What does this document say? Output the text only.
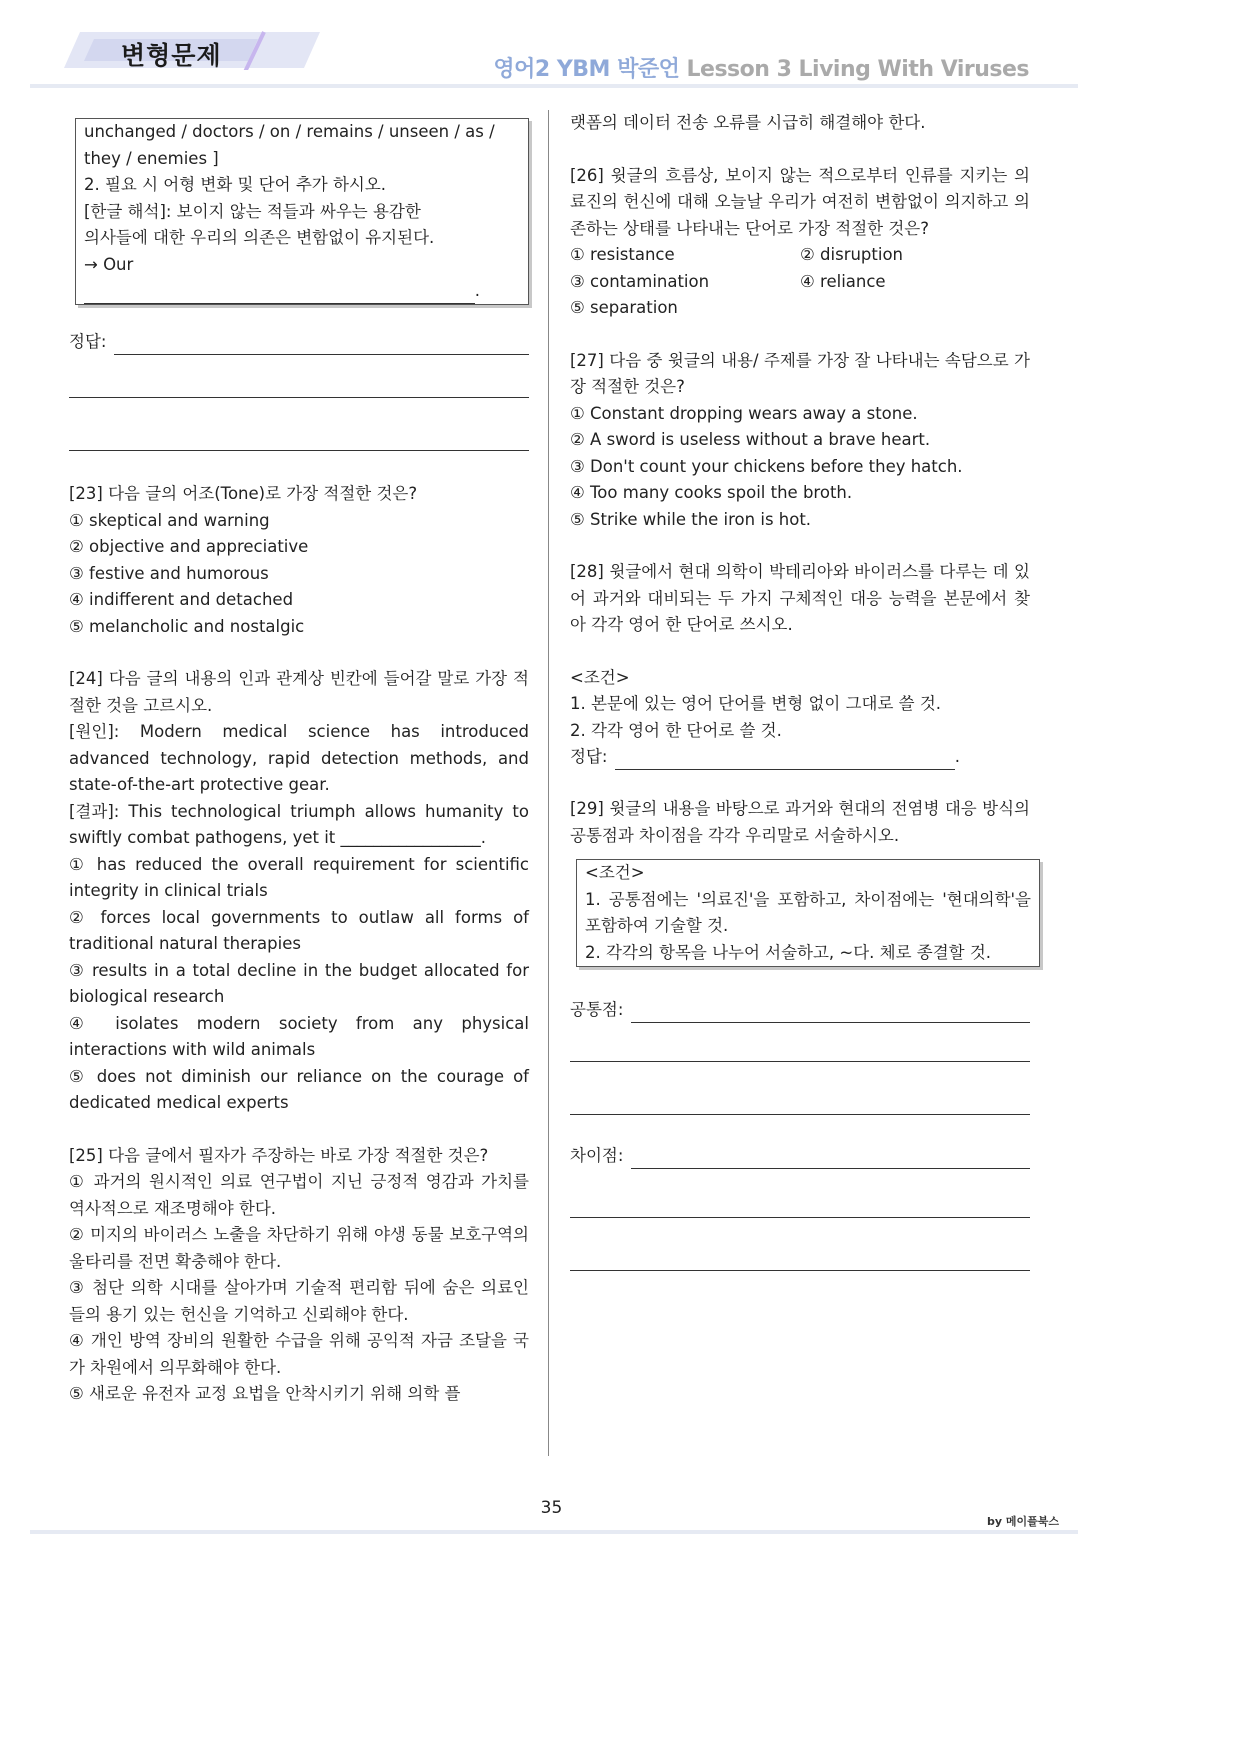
변형문제	영어2 YBM 박준언 Lesson 3 Living With Viruses
unchanged / doctors / on / remains / unseen / as /
they / enemies ]
2. 필요 시 어형 변화 및 단어 추가 하시오.
[한글 해석]: 보이지 않는 적들과 싸우는 용감한
의사들에 대한 우리의 의존은 변함없이 유지된다.
→ Our
.
정답:
[23] 다음 글의 어조(Tone)로 가장 적절한 것은?
① skeptical and warning
② objective and appreciative
③ festive and humorous
④ indifferent and detached
⑤ melancholic and nostalgic
[24] 다음 글의 내용의 인과 관계상 빈칸에 들어갈 말로 가장 적절한 것을 고르시오.
[원인]: Modern medical science has introduced advanced technology, rapid detection methods, and state-of-the-art protective gear.
[결과]: This technological triumph allows humanity to swiftly combat pathogens, yet it _________________.
① has reduced the overall requirement for scientific integrity in clinical trials
② forces local governments to outlaw all forms of traditional natural therapies
③ results in a total decline in the budget allocated for biological research
④ isolates modern society from any physical interactions with wild animals
⑤ does not diminish our reliance on the courage of dedicated medical experts
[25] 다음 글에서 필자가 주장하는 바로 가장 적절한 것은?
① 과거의 원시적인 의료 연구법이 지닌 긍정적 영감과 가치를 역사적으로 재조명해야 한다.
② 미지의 바이러스 노출을 차단하기 위해 야생 동물 보호구역의 울타리를 전면 확충해야 한다.
③ 첨단 의학 시대를 살아가며 기술적 편리함 뒤에 숨은 의료인들의 용기 있는 헌신을 기억하고 신뢰해야 한다.
④ 개인 방역 장비의 원활한 수급을 위해 공익적 자금 조달을 국가 차원에서 의무화해야 한다.
⑤ 새로운 유전자 교정 요법을 안착시키기 위해 의학 플
랫폼의 데이터 전송 오류를 시급히 해결해야 한다.
[26] 윗글의 흐름상, 보이지 않는 적으로부터 인류를 지키는 의료진의 헌신에 대해 오늘날 우리가 여전히 변함없이 의지하고 의존하는 상태를 나타내는 단어로 가장 적절한 것은?
① resistance	② disruption
③ contamination	④ reliance
⑤ separation
[27] 다음 중 윗글의 내용/ 주제를 가장 잘 나타내는 속담으로 가장 적절한 것은?
① Constant dropping wears away a stone.
② A sword is useless without a brave heart.
③ Don't count your chickens before they hatch.
④ Too many cooks spoil the broth.
⑤ Strike while the iron is hot.
[28] 윗글에서 현대 의학이 박테리아와 바이러스를 다루는 데 있어 과거와 대비되는 두 가지 구체적인 대응 능력을 본문에서 찾아 각각 영어 한 단어로 쓰시오.
<조건>
1. 본문에 있는 영어 단어를 변형 없이 그대로 쓸 것.
2. 각각 영어 한 단어로 쓸 것.
정답:	.
[29] 윗글의 내용을 바탕으로 과거와 현대의 전염병 대응 방식의 공통점과 차이점을 각각 우리말로 서술하시오.
<조건>
1. 공통점에는 '의료진'을 포함하고, 차이점에는 '현대의학'을 포함하여 기술할 것.
2. 각각의 항목을 나누어 서술하고, ~다. 체로 종결할 것.
공통점:
차이점:
35
by 메이플북스
